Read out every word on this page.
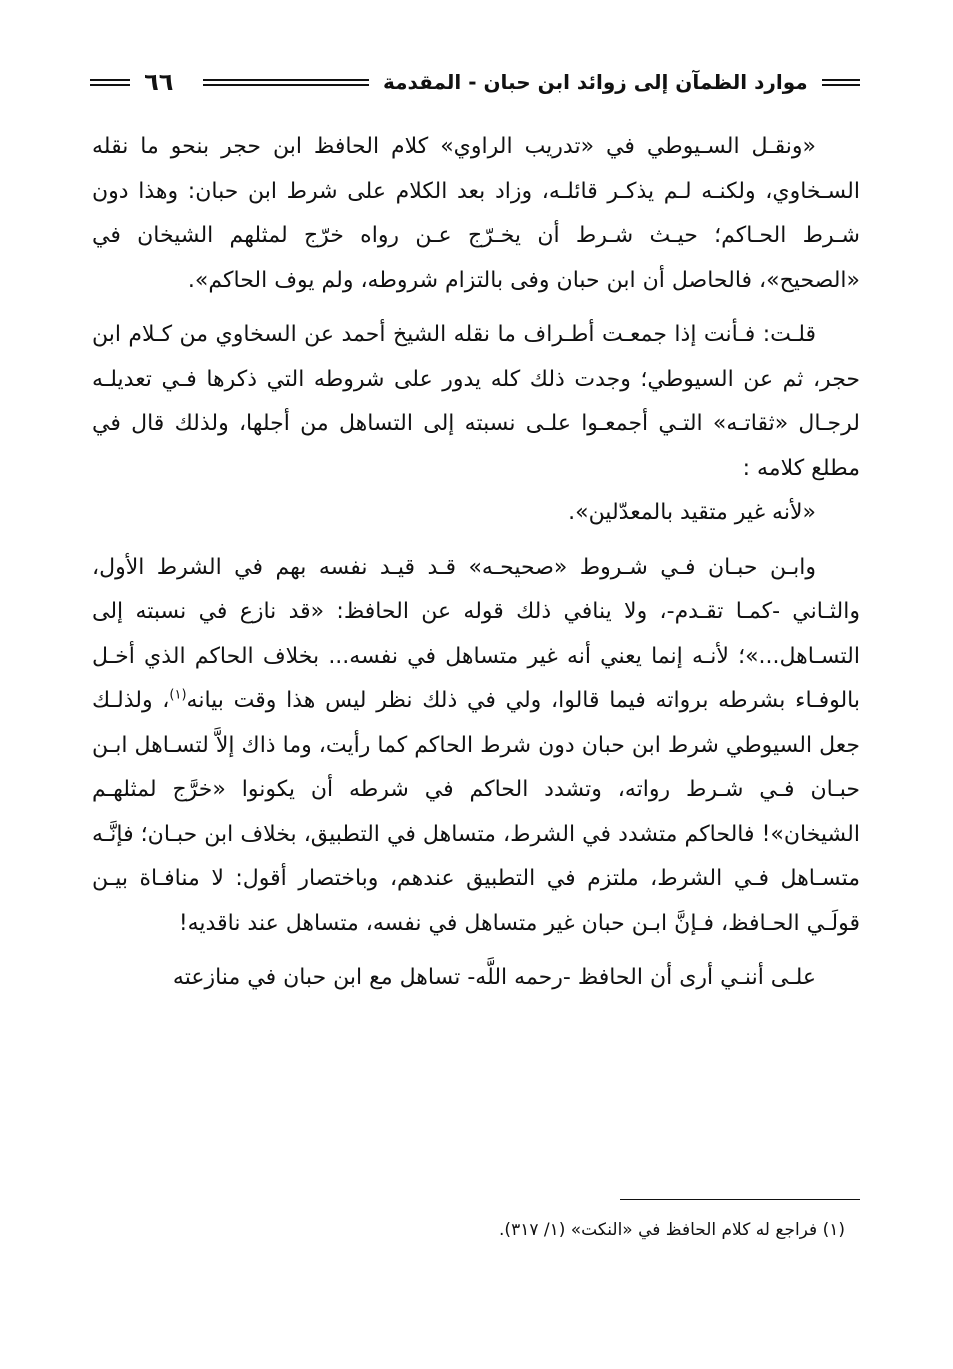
٦٦	موارد الظمآن إلى زوائد ابن حبان - المقدمة

«ونقـل السـيوطي في «تدريب الراوي» كلام الحافظ ابن حجر بنحو ما نقله السـخاوي، ولكنـه لـم يذكـر قائلـه، وزاد بعد الكلام على شرط ابن حبان: وهذا دون شـرط الحـاكم؛ حيـث شـرط أن يخـرّج عـن رواه خرّج لمثلهم الشيخان في «الصحيح»، فالحاصل أن ابن حبان وفى بالتزام شروطه، ولم يوف الحاكم».

قلـت: فـأنت إذا جمعـت أطـراف ما نقله الشيخ أحمد عن السخاوي من كـلام ابن حجر، ثم عن السيوطي؛ وجدت ذلك كله يدور على شروطه التي ذكرها فـي تعديلـه لرجـال «ثقاتـه» التـي أجمعـوا علـى نسبته إلى التساهل من أجلها، ولذلك قال في مطلع كلامه :

«لأنه غير متقيد بالمعدّلين».

وابـن حبـان فـي شـروط «صحيحـه» قـد قيـد نفسه بهم في الشرط الأول، والثـاني -كمـا تقـدم-، ولا ينافي ذلك قوله عن الحافظ: «قد نازع في نسبته إلى التسـاهل...»؛ لأنـه إنما يعني أنه غير متساهل في نفسه... بخلاف الحاكم الذي أخـل بالوفـاء بشرطه برواته فيما قالوا، ولي في ذلك نظر ليس هذا وقت بيانه$^{(١)}$، ولذلـك جعل السيوطي شرط ابن حبان دون شرط الحاكم كما رأيت، وما ذاك إلاَّ لتسـاهل ابـن حبـان فـي شـرط رواته، وتشدد الحاكم في شرطه أن يكونوا «خرَّج لمثلهـم الشيخان»! فالحاكم متشدد في الشرط، متساهل في التطبيق، بخلاف ابن حبـان؛ فإنَّـه متسـاهل فـي الشرط، ملتزم في التطبيق عندهم، وباختصار أقول: لا منافـاة بيـن قولَـي الحـافظ، فـإنَّ ابـن حبان غير متساهل في نفسه، متساهل عند ناقديه!

علـى أننـي أرى أن الحافظ -رحمه اللَّه- تساهل مع ابن حبان في منازعته

(١) فراجع له كلام الحافظ في «النكت» (١/ ٣١٧).
